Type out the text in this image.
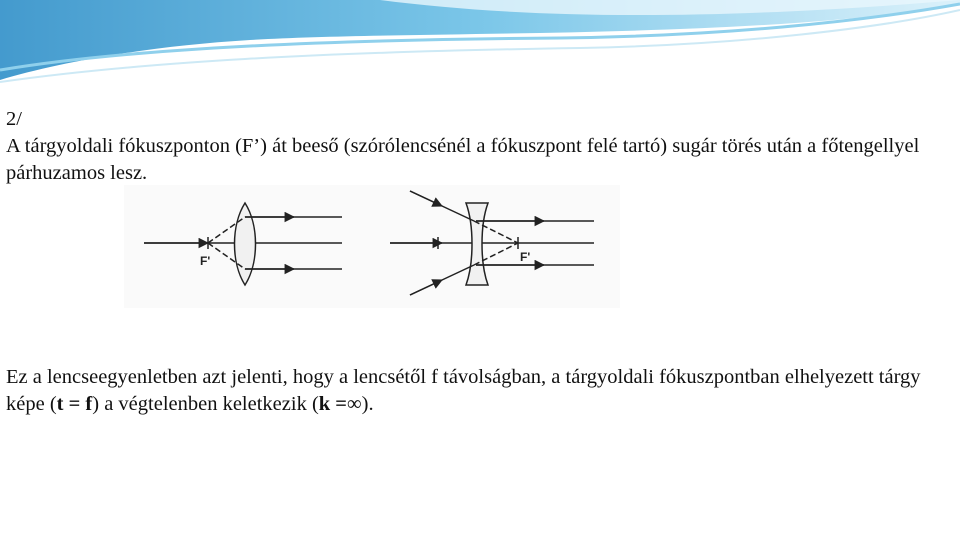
2/
A tárgyoldali fókuszponton (F’) át beeső (szórólencsénél a fókuszpont felé tartó) sugár törés után a főtengellyel párhuzamos lesz.

F'	F'

Ez a lencseegyenletben azt jelenti, hogy a lencsétől f távolságban, a tárgyoldali fókuszpontban elhelyezett tárgy képe (t = f) a végtelenben keletkezik (k =∞).
